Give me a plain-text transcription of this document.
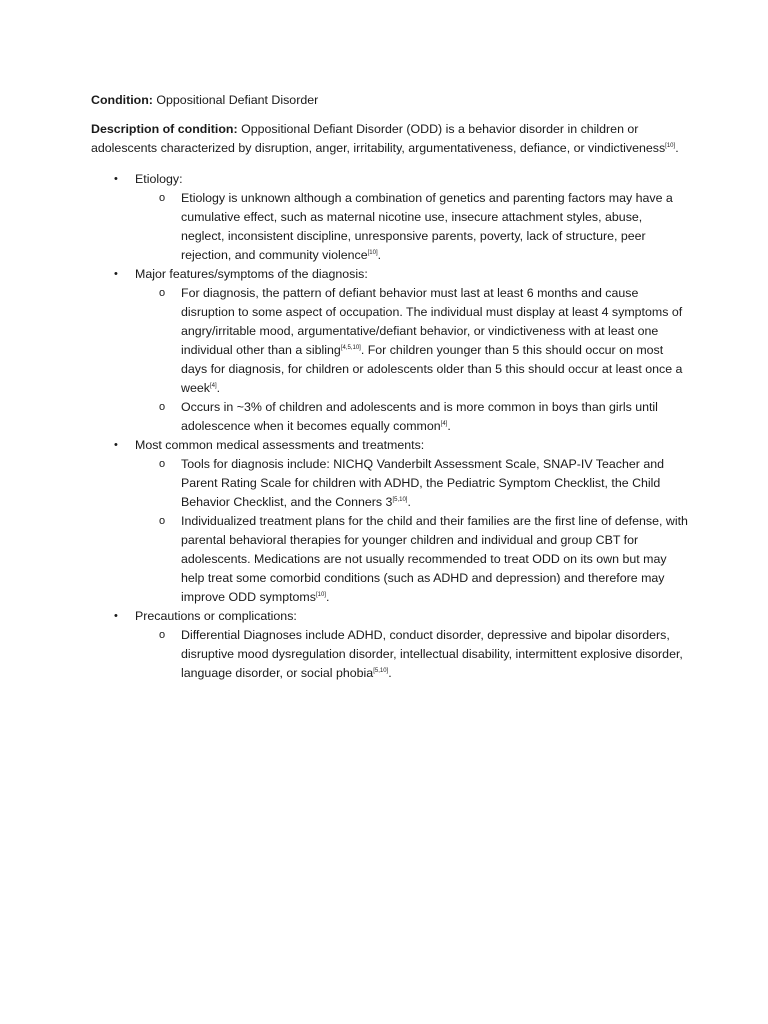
Condition: Oppositional Defiant Disorder

Description of condition: Oppositional Defiant Disorder (ODD) is a behavior disorder in children or adolescents characterized by disruption, anger, irritability, argumentativeness, defiance, or vindictiveness[10].

• Etiology:
o Etiology is unknown although a combination of genetics and parenting factors may have a cumulative effect, such as maternal nicotine use, insecure attachment styles, abuse, neglect, inconsistent discipline, unresponsive parents, poverty, lack of structure, peer rejection, and community violence[10].
• Major features/symptoms of the diagnosis:
o For diagnosis, the pattern of defiant behavior must last at least 6 months and cause disruption to some aspect of occupation. The individual must display at least 4 symptoms of angry/irritable mood, argumentative/defiant behavior, or vindictiveness with at least one individual other than a sibling[4,5,10]. For children younger than 5 this should occur on most days for diagnosis, for children or adolescents older than 5 this should occur at least once a week[4].
o Occurs in ~3% of children and adolescents and is more common in boys than girls until adolescence when it becomes equally common[4].
• Most common medical assessments and treatments:
o Tools for diagnosis include: NICHQ Vanderbilt Assessment Scale, SNAP-IV Teacher and Parent Rating Scale for children with ADHD, the Pediatric Symptom Checklist, the Child Behavior Checklist, and the Conners 3[5,10].
o Individualized treatment plans for the child and their families are the first line of defense, with parental behavioral therapies for younger children and individual and group CBT for adolescents. Medications are not usually recommended to treat ODD on its own but may help treat some comorbid conditions (such as ADHD and depression) and therefore may improve ODD symptoms[10].
• Precautions or complications:
o Differential Diagnoses include ADHD, conduct disorder, depressive and bipolar disorders, disruptive mood dysregulation disorder, intellectual disability, intermittent explosive disorder, language disorder, or social phobia[5,10].
